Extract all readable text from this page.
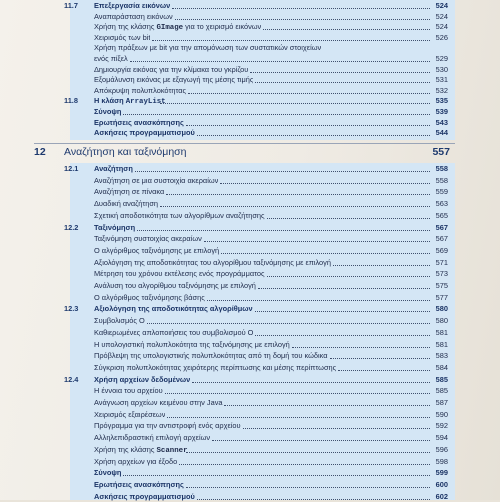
11.7 Επεξεργασία εικόνων	524
Αναπαράσταση εικόνων	524
Χρήση της κλάσης GImage για το χειρισμό εικόνων	524
Χειρισμός των bit	526
Χρήση πράξεων με bit για την απομόνωση των συστατικών στοιχείων
ενός πίξελ	529
Δημιουργία εικόνας για την κλίμακα του γκρίζου	530
Εξομάλυνση εικόνας με εξαγωγή της μέσης τιμής	531
Απόκρυψη πολυπλοκότητας	532
11.8 Η κλάση ArrayList	535
Σύνοψη	539
Ερωτήσεις ανασκόπησης	543
Ασκήσεις προγραμματισμού	544
12 Αναζήτηση και ταξινόμηση	557
12.1 Αναζήτηση	558
Αναζήτηση σε μια συστοιχία ακεραίων	558
Αναζήτηση σε πίνακα	559
Δυαδική αναζήτηση	563
Σχετική αποδοτικότητα των αλγορίθμων αναζήτησης	565
12.2 Ταξινόμηση	567
Ταξινόμηση συστοιχίας ακεραίων	567
Ο αλγόριθμος ταξινόμησης με επιλογή	569
Αξιολόγηση της αποδοτικότητας του αλγορίθμου ταξινόμησης με επιλογή	571
Μέτρηση του χρόνου εκτέλεσης ενός προγράμματος	573
Ανάλυση του αλγορίθμου ταξινόμησης με επιλογή	575
Ο αλγόριθμος ταξινόμησης βάσης	577
12.3 Αξιολόγηση της αποδοτικότητας αλγορίθμων	580
Συμβολισμός Ο	580
Καθιερωμένες απλοποιήσεις του συμβολισμού Ο	581
Η υπολογιστική πολυπλοκότητα της ταξινόμησης με επιλογή	581
Πρόβλεψη της υπολογιστικής πολυπλοκότητας από τη δομή του κώδικα	583
Σύγκριση πολυπλοκότητας χειρότερης περίπτωσης και μέσης περίπτωσης	584
12.4 Χρήση αρχείων δεδομένων	585
Η έννοια του αρχείου	585
Ανάγνωση αρχείων κειμένου στην Java	587
Χειρισμός εξαιρέσεων	590
Πρόγραμμα για την αντιστροφή ενός αρχείου	592
Αλληλεπιδραστική επιλογή αρχείων	594
Χρήση της κλάσης Scanner	596
Χρήση αρχείων για έξοδο	598
Σύνοψη	599
Ερωτήσεις ανασκόπησης	600
Ασκήσεις προγραμματισμού	602
